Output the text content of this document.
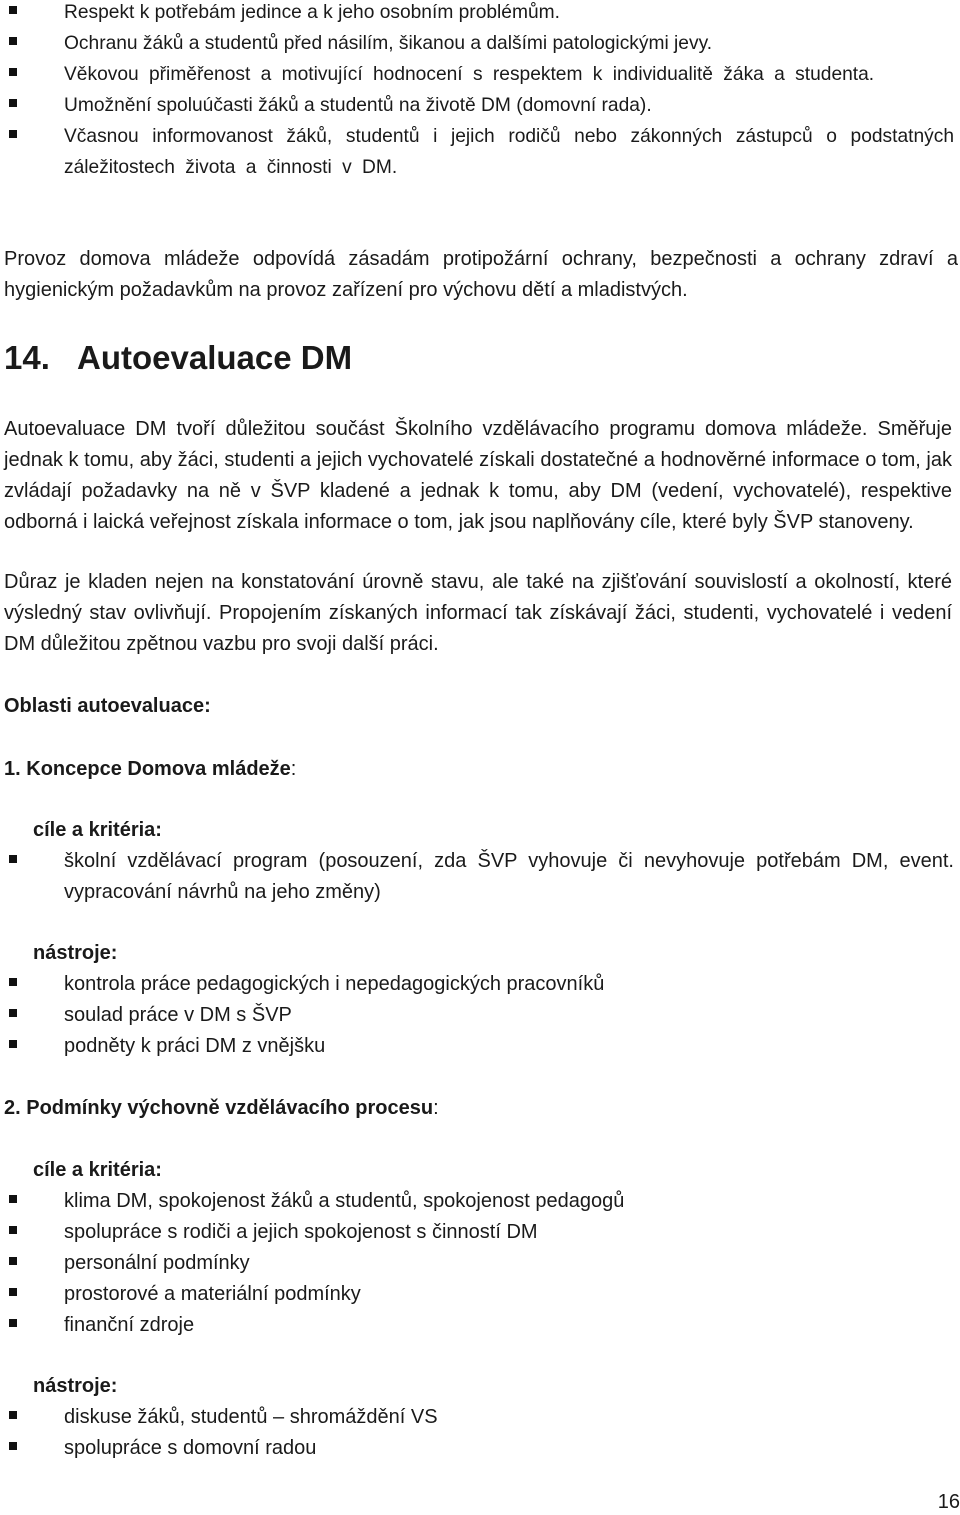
Respekt k potřebám jedince a k jeho osobním problémům.
Ochranu žáků a studentů před násilím, šikanou a dalšími patologickými jevy.
Věkovou přiměřenost a motivující hodnocení s respektem k individualitě žáka a studenta.
Umožnění spoluúčasti žáků a studentů na životě DM (domovní rada).
Včasnou informovanost žáků, studentů i jejich rodičů nebo zákonných zástupců o podstatných záležitostech života a činnosti v DM.

Provoz domova mládeže odpovídá zásadám protipožární ochrany, bezpečnosti a ochrany zdraví a hygienickým požadavkům na provoz zařízení pro výchovu dětí a mladistvých.

14. Autoevaluace DM

Autoevaluace DM tvoří důležitou součást Školního vzdělávacího programu domova mládeže. Směřuje jednak k tomu, aby žáci, studenti a jejich vychovatelé získali dostatečné a hodnověrné informace o tom, jak zvládají požadavky na ně v ŠVP kladené a jednak k tomu, aby DM (vedení, vychovatelé), respektive odborná i laická veřejnost získala informace o tom, jak jsou naplňovány cíle, které byly ŠVP stanoveny.

Důraz je kladen nejen na konstatování úrovně stavu, ale také na zjišťování souvislostí a okolností, které výsledný stav ovlivňují. Propojením získaných informací tak získávají žáci, studenti, vychovatelé i vedení DM důležitou zpětnou vazbu pro svoji další práci.

Oblasti autoevaluace:

1. Koncepce Domova mládeže:

cíle a kritéria:

školní vzdělávací program (posouzení, zda ŠVP vyhovuje či nevyhovuje potřebám DM, event. vypracování návrhů na jeho změny)

nástroje:

kontrola práce pedagogických i nepedagogických pracovníků
soulad práce v DM s ŠVP
podněty k práci DM z vnějšku

2. Podmínky výchovně vzdělávacího procesu:

cíle a kritéria:

klima DM, spokojenost žáků a studentů, spokojenost pedagogů
spolupráce s rodiči a jejich spokojenost s činností DM
personální podmínky
prostorové a materiální podmínky
finanční zdroje

nástroje:

diskuse žáků, studentů – shromáždění VS
spolupráce s domovní radou
16
